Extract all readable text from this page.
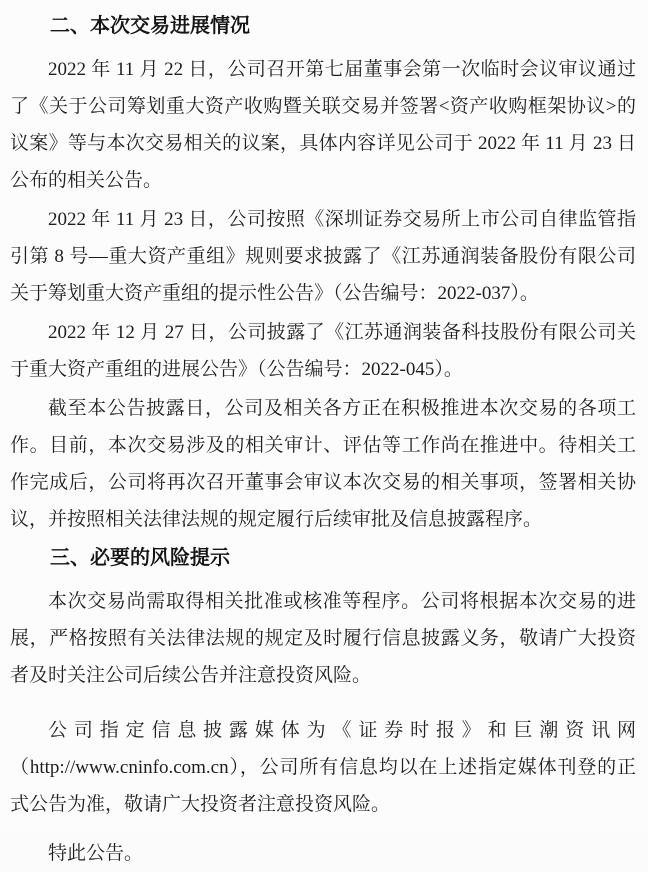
二、本次交易进展情况

2022 年 11 月 22 日，公司召开第七届董事会第一次临时会议审议通过了《关于公司筹划重大资产收购暨关联交易并签署<资产收购框架协议>的议案》等与本次交易相关的议案，具体内容详见公司于 2022 年 11 月 23 日公布的相关公告。

2022 年 11 月 23 日，公司按照《深圳证券交易所上市公司自律监管指引第 8 号—重大资产重组》规则要求披露了《江苏通润装备股份有限公司关于筹划重大资产重组的提示性公告》（公告编号：2022-037）。

2022 年 12 月 27 日，公司披露了《江苏通润装备科技股份有限公司关于重大资产重组的进展公告》（公告编号：2022-045）。

截至本公告披露日，公司及相关各方正在积极推进本次交易的各项工作。目前，本次交易涉及的相关审计、评估等工作尚在推进中。待相关工作完成后，公司将再次召开董事会审议本次交易的相关事项，签署相关协议，并按照相关法律法规的规定履行后续审批及信息披露程序。

三、必要的风险提示

本次交易尚需取得相关批准或核准等程序。公司将根据本次交易的进展，严格按照有关法律法规的规定及时履行信息披露义务，敬请广大投资者及时关注公司后续公告并注意投资风险。

公司指定信息披露媒体为《证券时报》和巨潮资讯网（http://www.cninfo.com.cn），公司所有信息均以在上述指定媒体刊登的正式公告为准，敬请广大投资者注意投资风险。

特此公告。
